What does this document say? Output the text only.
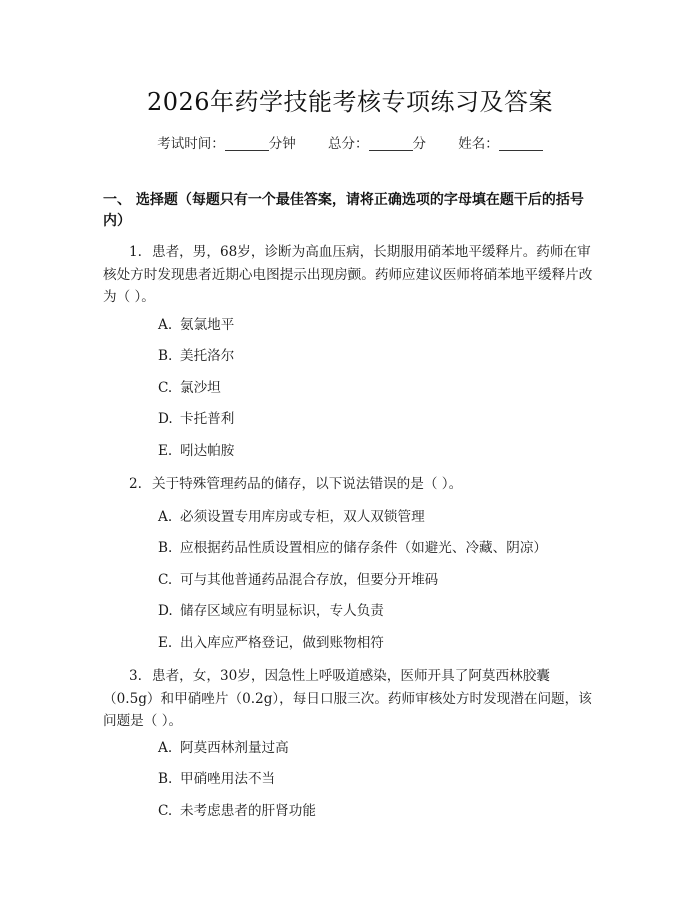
2026年药学技能考核专项练习及答案
考试时间：	分钟 总分：	分 姓名：
一、 选择题（每题只有一个最佳答案，请将正确选项的字母填在题干后的括号内）
1. 患者，男，68岁，诊断为高血压病，长期服用硝苯地平缓释片。药师在审核处方时发现患者近期心电图提示出现房颤。药师应建议医师将硝苯地平缓释片改为（ ）。
A. 氨氯地平
B. 美托洛尔
C. 氯沙坦
D. 卡托普利
E. 吲达帕胺
2. 关于特殊管理药品的储存，以下说法错误的是（ ）。
A. 必须设置专用库房或专柜，双人双锁管理
B. 应根据药品性质设置相应的储存条件（如避光、冷藏、阴凉）
C. 可与其他普通药品混合存放，但要分开堆码
D. 储存区域应有明显标识，专人负责
E. 出入库应严格登记，做到账物相符
3. 患者，女，30岁，因急性上呼吸道感染，医师开具了阿莫西林胶囊（0.5g）和甲硝唑片（0.2g），每日口服三次。药师审核处方时发现潜在问题，该问题是（ ）。
A. 阿莫西林剂量过高
B. 甲硝唑用法不当
C. 未考虑患者的肝肾功能
